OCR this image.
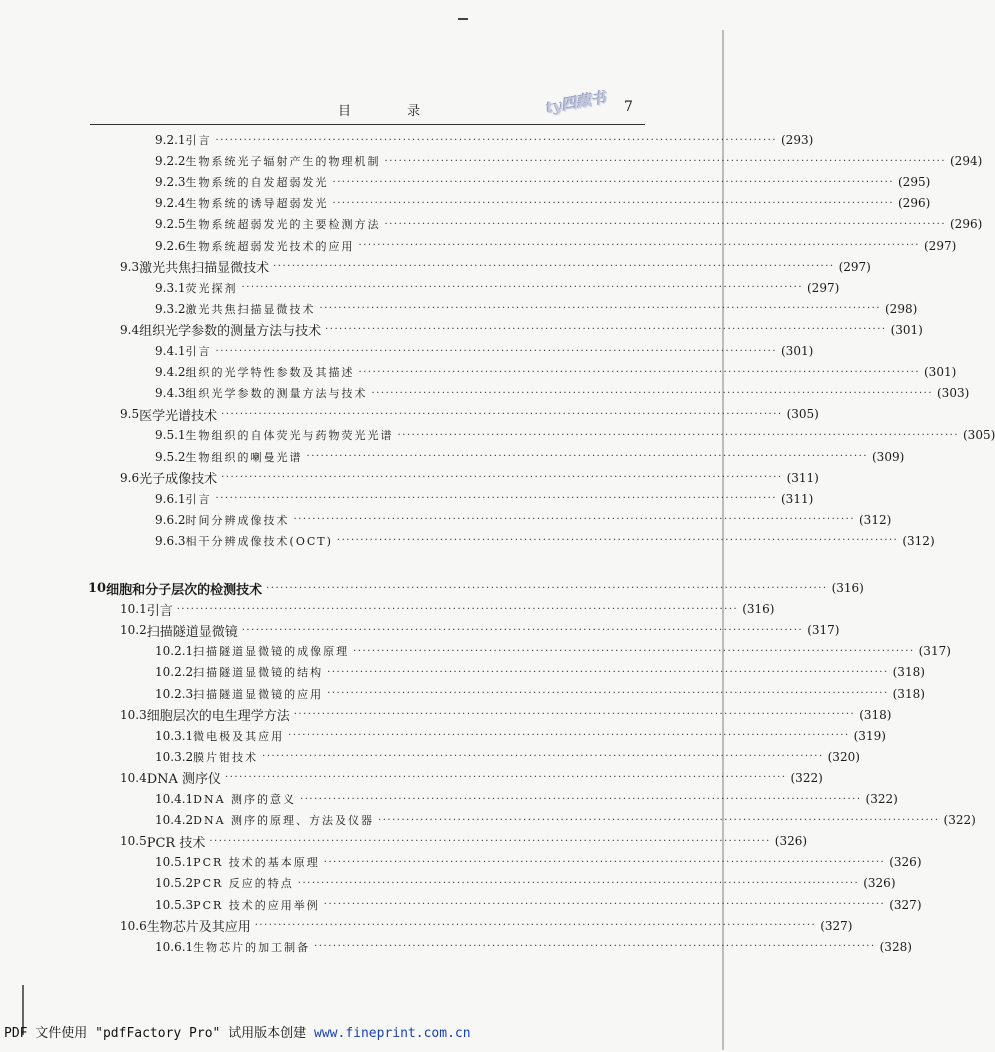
目 录	ty四藏书 7
9.2.1 引言 ························································································································ (293)
9.2.2 生物系统光子辐射产生的物理机制 ························································································································ (294)
9.2.3 生物系统的自发超弱发光 ························································································································ (295)
9.2.4 生物系统的诱导超弱发光 ························································································································ (296)
9.2.5 生物系统超弱发光的主要检测方法 ························································································································ (296)
9.2.6 生物系统超弱发光技术的应用 ························································································································ (297)
9.3 激光共焦扫描显微技术 ························································································································ (297)
9.3.1 荧光探剂 ························································································································ (297)
9.3.2 激光共焦扫描显微技术 ························································································································ (298)
9.4 组织光学参数的测量方法与技术 ························································································································ (301)
9.4.1 引言 ························································································································ (301)
9.4.2 组织的光学特性参数及其描述 ························································································································ (301)
9.4.3 组织光学参数的测量方法与技术 ························································································································ (303)
9.5 医学光谱技术 ························································································································ (305)
9.5.1 生物组织的自体荧光与药物荧光光谱 ························································································································ (305)
9.5.2 生物组织的喇曼光谱 ························································································································ (309)
9.6 光子成像技术 ························································································································ (311)
9.6.1 引言 ························································································································ (311)
9.6.2 时间分辨成像技术 ························································································································ (312)
9.6.3 相干分辨成像技术(OCT) ························································································································ (312)
10 细胞和分子层次的检测技术 ························································································································ (316)
10.1 引言 ························································································································ (316)
10.2 扫描隧道显微镜 ························································································································ (317)
10.2.1 扫描隧道显微镜的成像原理 ························································································································ (317)
10.2.2 扫描隧道显微镜的结构 ························································································································ (318)
10.2.3 扫描隧道显微镜的应用 ························································································································ (318)
10.3 细胞层次的电生理学方法 ························································································································ (318)
10.3.1 微电极及其应用 ························································································································ (319)
10.3.2 膜片钳技术 ························································································································ (320)
10.4 DNA 测序仪 ························································································································ (322)
10.4.1 DNA 测序的意义 ························································································································ (322)
10.4.2 DNA 测序的原理、方法及仪器 ························································································································ (322)
10.5 PCR 技术 ························································································································ (326)
10.5.1 PCR 技术的基本原理 ························································································································ (326)
10.5.2 PCR 反应的特点 ························································································································ (326)
10.5.3 PCR 技术的应用举例 ························································································································ (327)
10.6 生物芯片及其应用 ························································································································ (327)
10.6.1 生物芯片的加工制备 ························································································································ (328)
PDF 文件使用 "pdfFactory Pro" 试用版本创建 www.fineprint.com.cn
